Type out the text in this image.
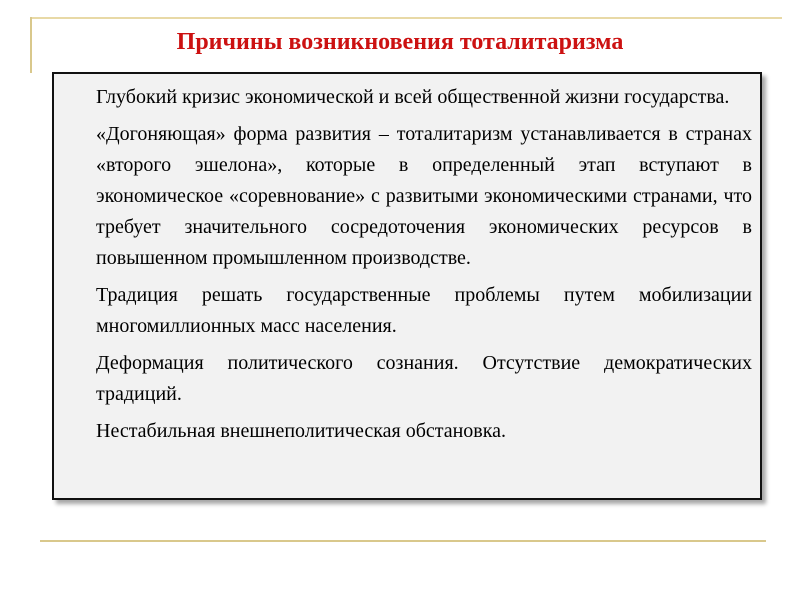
Причины возникновения тоталитаризма
Глубокий кризис экономической и всей общественной жизни государства.
«Догоняющая» форма развития – тоталитаризм устанавливается в странах «второго эшелона», которые в определенный этап вступают в экономическое «соревнование» с развитыми экономическими странами, что требует значительного сосредоточения экономических ресурсов в повышенном промышленном производстве.
Традиция решать государственные проблемы путем мобилизации многомиллионных масс населения.
Деформация политического сознания. Отсутствие демократических традиций.
Нестабильная внешнеполитическая обстановка.
